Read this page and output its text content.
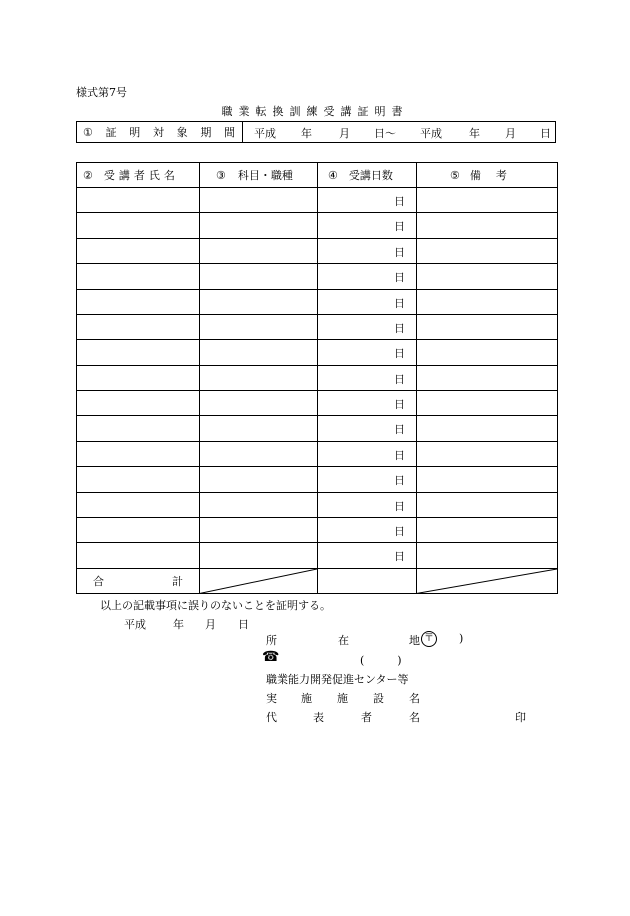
様式第7号
職業転換訓練受講証明書
① 証 明 対 象 期 間 平成 年 月 日〜 平成 年 月 日
② 受講者氏名	③ 科目・職種	④ 受講日数	⑤ 備　考

		日	

		日	

		日	

		日	

		日	

		日	

		日	

		日	

		日	

		日	

		日	

		日	

		日	

		日	

		日	

合 計

以上の記載事項に誤りのないことを証明する。
平成 年 月 日
所	在	地 〒 )
☎	(　　　)
職業能力開発促進センター等
実 施 施 設 名
代	表	者	名	印
